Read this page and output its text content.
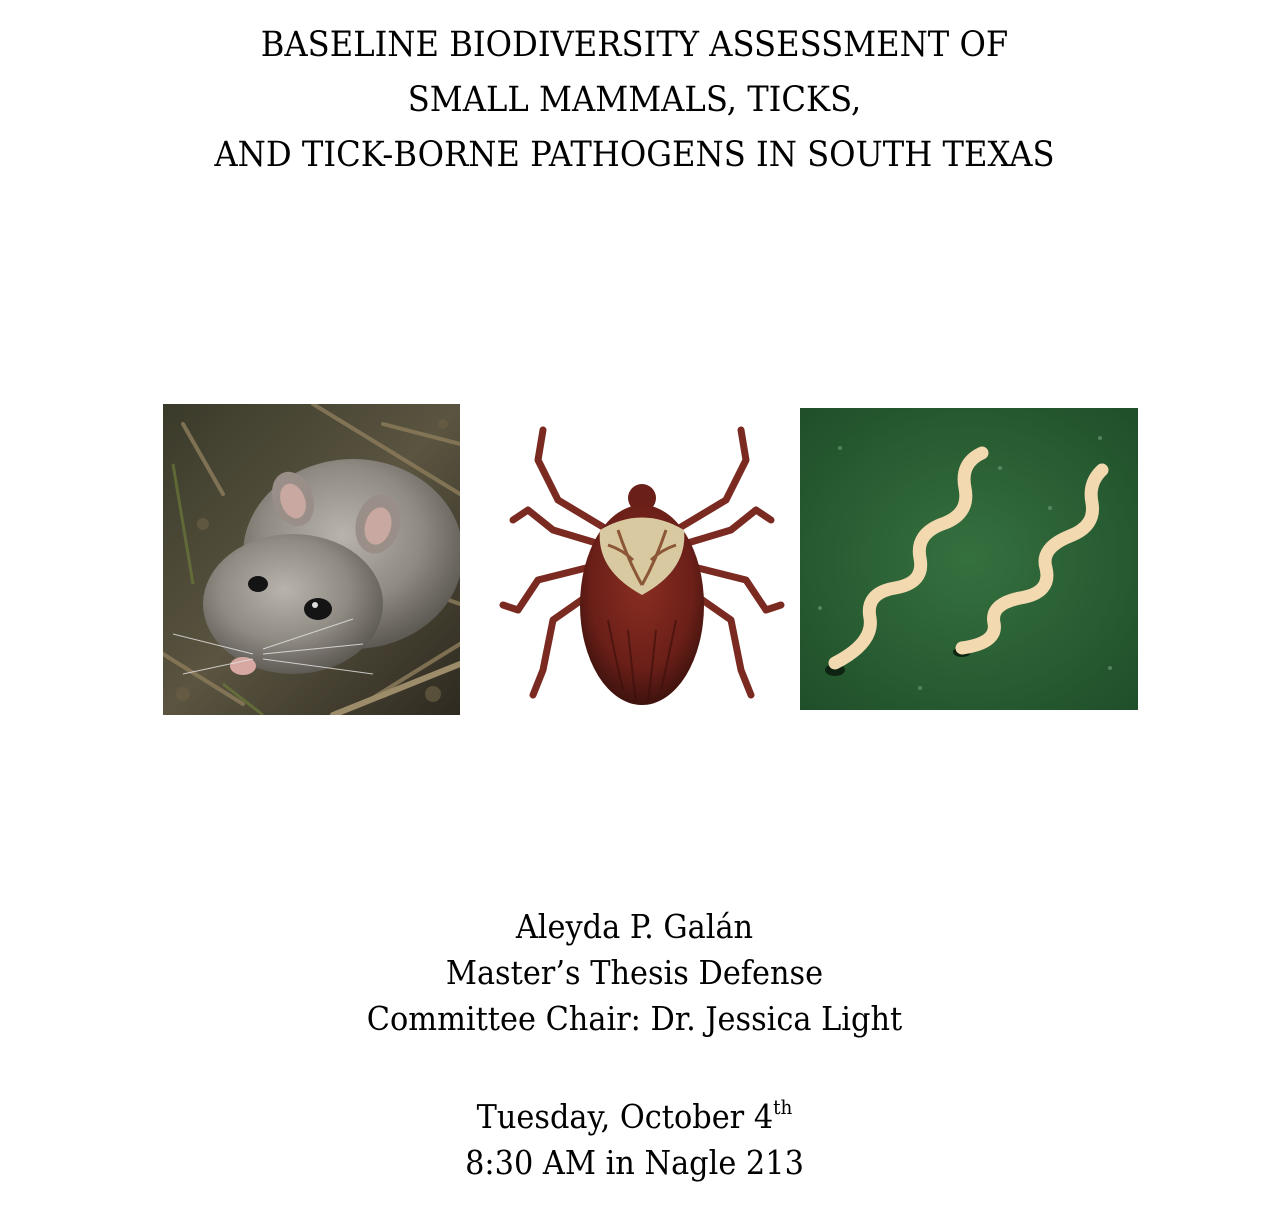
BASELINE BIODIVERSITY ASSESSMENT OF
SMALL MAMMALS, TICKS,
AND TICK-BORNE PATHOGENS IN SOUTH TEXAS
Aleyda P. Galán
Master’s Thesis Defense
Committee Chair: Dr. Jessica Light
Tuesday, October 4th
8:30 AM in Nagle 213
